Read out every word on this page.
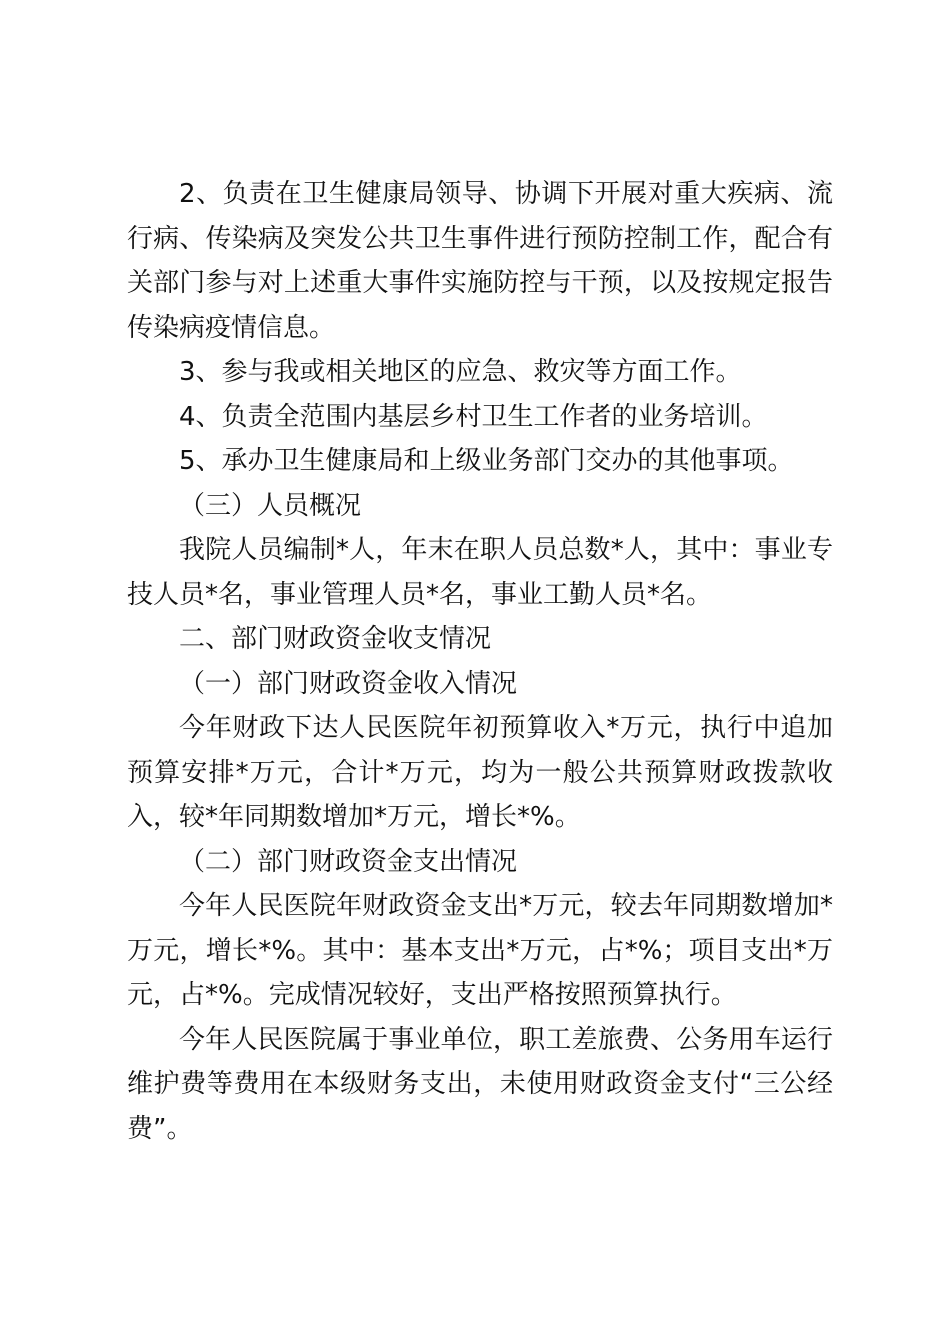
2、负责在卫生健康局领导、协调下开展对重大疾病、流行病、传染病及突发公共卫生事件进行预防控制工作，配合有关部门参与对上述重大事件实施防控与干预，以及按规定报告传染病疫情信息。

3、参与我或相关地区的应急、救灾等方面工作。

4、负责全范围内基层乡村卫生工作者的业务培训。

5、承办卫生健康局和上级业务部门交办的其他事项。

（三）人员概况

我院人员编制*人，年末在职人员总数*人，其中：事业专技人员*名，事业管理人员*名，事业工勤人员*名。

二、部门财政资金收支情况

（一）部门财政资金收入情况

今年财政下达人民医院年初预算收入*万元，执行中追加预算安排*万元，合计*万元，均为一般公共预算财政拨款收入，较*年同期数增加*万元，增长*%。

（二）部门财政资金支出情况

今年人民医院年财政资金支出*万元，较去年同期数增加*万元，增长*%。其中：基本支出*万元，占*%；项目支出*万元，占*%。完成情况较好，支出严格按照预算执行。

今年人民医院属于事业单位，职工差旅费、公务用车运行维护费等费用在本级财务支出，未使用财政资金支付“三公经费”。
